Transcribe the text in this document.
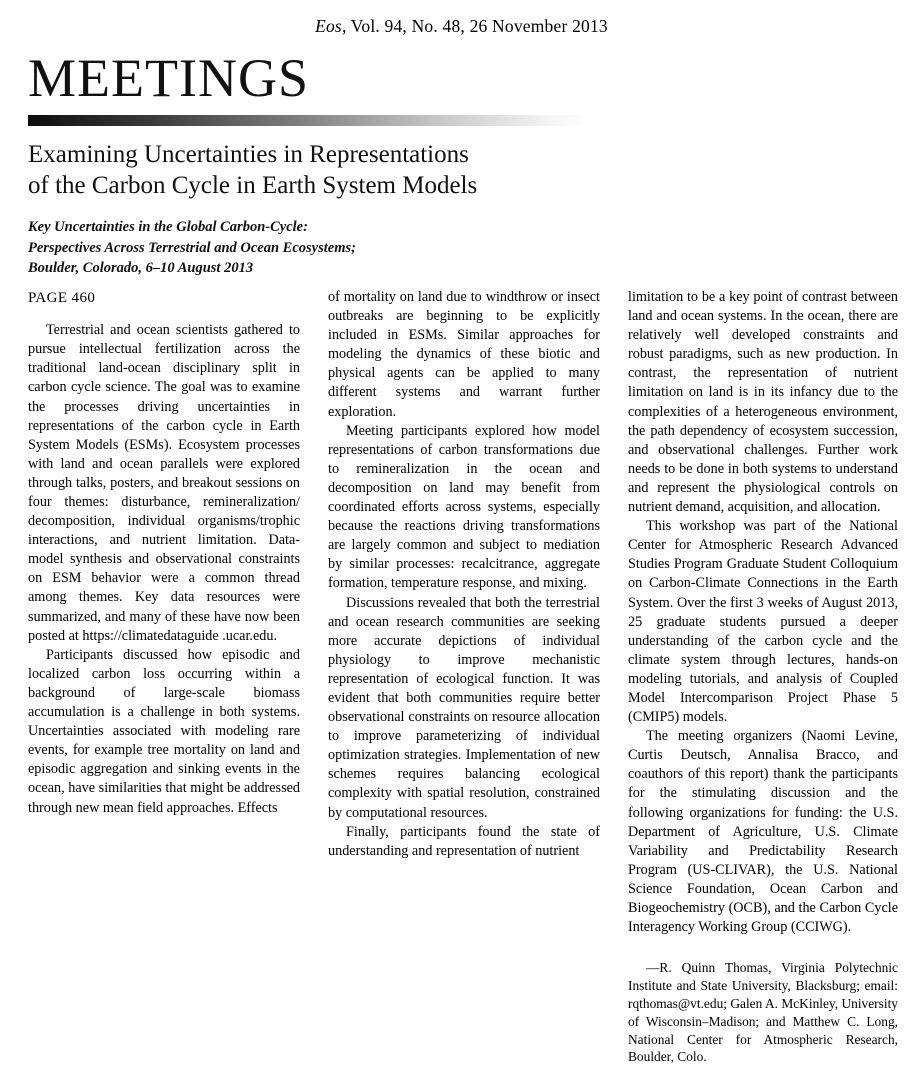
Eos, Vol. 94, No. 48, 26 November 2013
MEETINGS
Examining Uncertainties in Representations
of the Carbon Cycle in Earth System Models
Key Uncertainties in the Global Carbon-Cycle:
Perspectives Across Terrestrial and Ocean Ecosystems;
Boulder, Colorado, 6–10 August 2013
PAGE 460

Terrestrial and ocean scientists gathered to pursue intellectual fertilization across the traditional land-ocean disciplinary split in carbon cycle science. The goal was to examine the processes driving uncertainties in representations of the carbon cycle in Earth System Models (ESMs). Ecosystem processes with land and ocean parallels were explored through talks, posters, and breakout sessions on four themes: disturbance, remineralization/ decomposition, individual organisms/trophic interactions, and nutrient limitation. Data-model synthesis and observational constraints on ESM behavior were a common thread among themes. Key data resources were summarized, and many of these have now been posted at https://climatedataguide .ucar.edu.

Participants discussed how episodic and localized carbon loss occurring within a background of large-scale biomass accumulation is a challenge in both systems. Uncertainties associated with modeling rare events, for example tree mortality on land and episodic aggregation and sinking events in the ocean, have similarities that might be addressed through new mean field approaches. Effects

of mortality on land due to windthrow or insect outbreaks are beginning to be explicitly included in ESMs. Similar approaches for modeling the dynamics of these biotic and physical agents can be applied to many different systems and warrant further exploration.

Meeting participants explored how model representations of carbon transformations due to remineralization in the ocean and decomposition on land may benefit from coordinated efforts across systems, especially because the reactions driving transformations are largely common and subject to mediation by similar processes: recalcitrance, aggregate formation, temperature response, and mixing.

Discussions revealed that both the terrestrial and ocean research communities are seeking more accurate depictions of individual physiology to improve mechanistic representation of ecological function. It was evident that both communities require better observational constraints on resource allocation to improve parameterizing of individual optimization strategies. Implementation of new schemes requires balancing ecological complexity with spatial resolution, constrained by computational resources.

Finally, participants found the state of understanding and representation of nutrient

limitation to be a key point of contrast between land and ocean systems. In the ocean, there are relatively well developed constraints and robust paradigms, such as new production. In contrast, the representation of nutrient limitation on land is in its infancy due to the complexities of a heterogeneous environment, the path dependency of ecosystem succession, and observational challenges. Further work needs to be done in both systems to understand and represent the physiological controls on nutrient demand, acquisition, and allocation.

This workshop was part of the National Center for Atmospheric Research Advanced Studies Program Graduate Student Colloquium on Carbon-Climate Connections in the Earth System. Over the first 3 weeks of August 2013, 25 graduate students pursued a deeper understanding of the carbon cycle and the climate system through lectures, hands-on modeling tutorials, and analysis of Coupled Model Intercomparison Project Phase 5 (CMIP5) models.

The meeting organizers (Naomi Levine, Curtis Deutsch, Annalisa Bracco, and coauthors of this report) thank the participants for the stimulating discussion and the following organizations for funding: the U.S. Department of Agriculture, U.S. Climate Variability and Predictability Research Program (US-CLIVAR), the U.S. National Science Foundation, Ocean Carbon and Biogeochemistry (OCB), and the Carbon Cycle Interagency Working Group (CCIWG).

—R. Quinn Thomas, Virginia Polytechnic Institute and State University, Blacksburg; email: rqthomas@vt.edu; Galen A. McKinley, University of Wisconsin–Madison; and Matthew C. Long, National Center for Atmospheric Research, Boulder, Colo.
